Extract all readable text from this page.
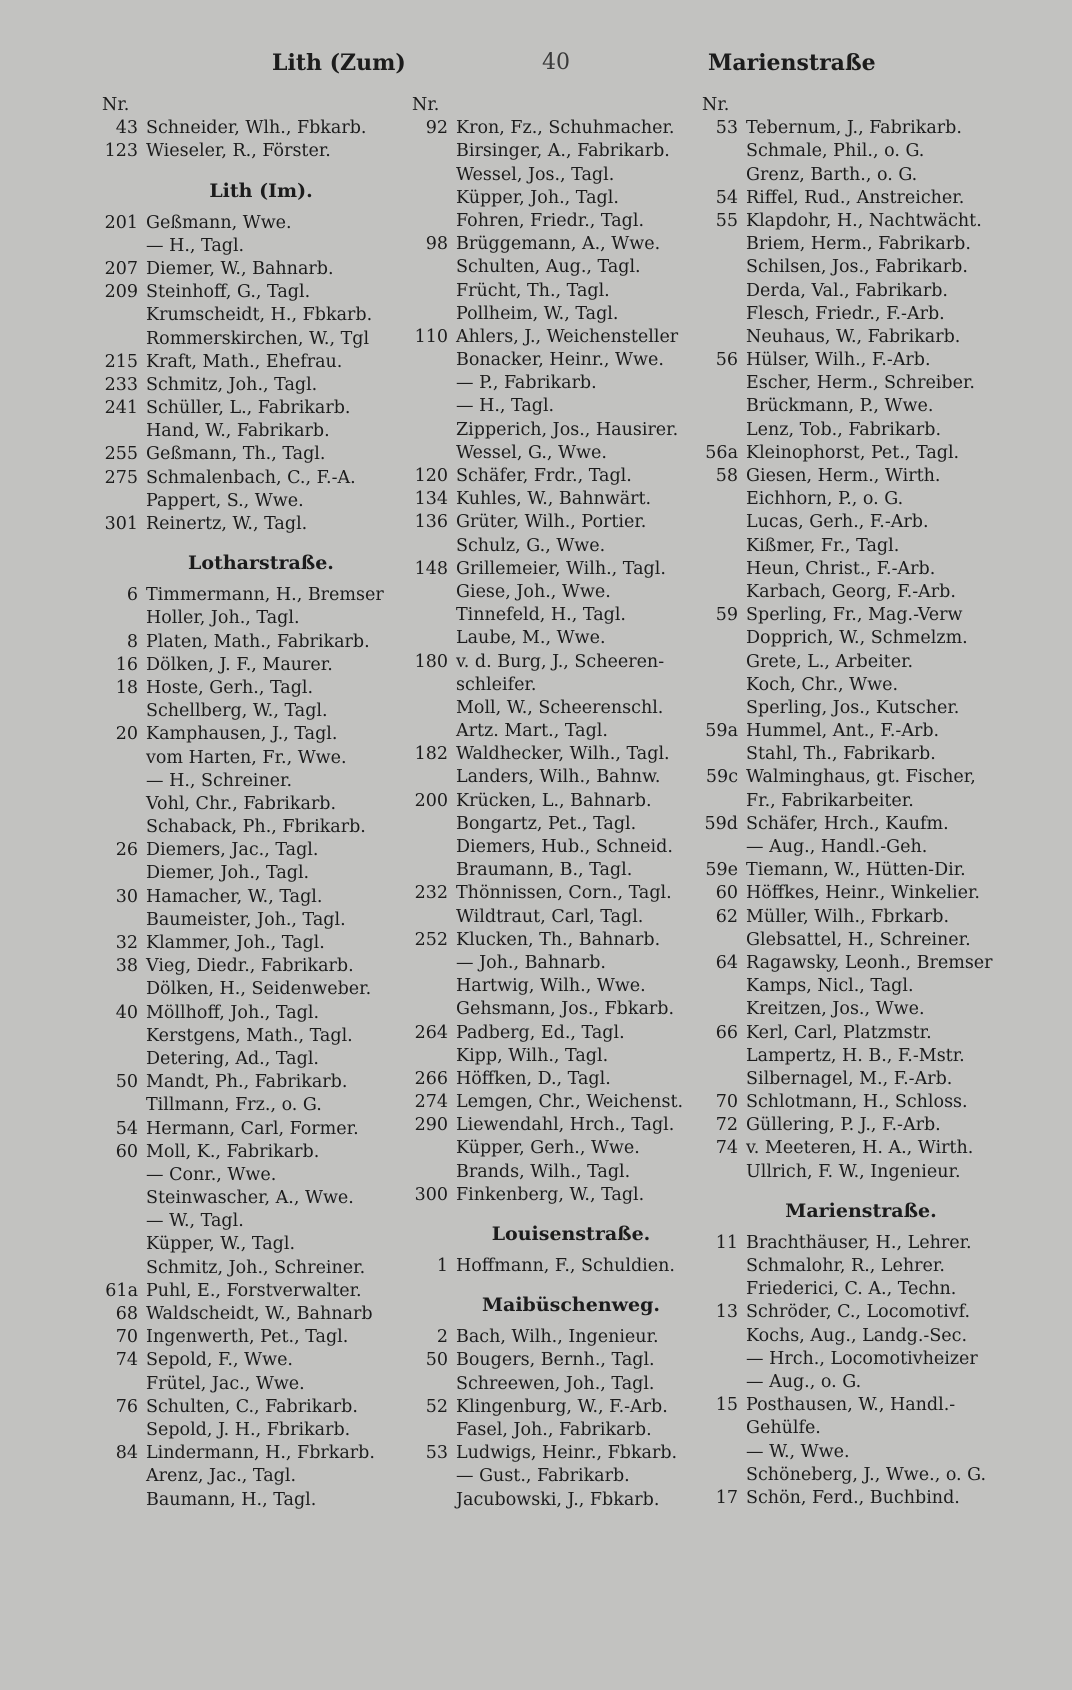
Lith (Zum)	40	Marienstraße
Nr.
43 Schneider, Wlh., Fbkarb.
123 Wieseler, R., Förster.
Lith (Im).
201 Geßmann, Wwe.
— H., Tagl.
207 Diemer, W., Bahnarb.
209 Steinhoff, G., Tagl.
Krumscheidt, H., Fbkarb.
Rommerskirchen, W., Tgl
215 Kraft, Math., Ehefrau.
233 Schmitz, Joh., Tagl.
241 Schüller, L., Fabrikarb.
Hand, W., Fabrikarb.
255 Geßmann, Th., Tagl.
275 Schmalenbach, C., F.-A.
Pappert, S., Wwe.
301 Reinertz, W., Tagl.
Lotharstraße.
6 Timmermann, H., Bremser
Holler, Joh., Tagl.
8 Platen, Math., Fabrikarb.
16 Dölken, J. F., Maurer.
18 Hoste, Gerh., Tagl.
Schellberg, W., Tagl.
20 Kamphausen, J., Tagl.
vom Harten, Fr., Wwe.
— H., Schreiner.
Vohl, Chr., Fabrikarb.
Schaback, Ph., Fbrikarb.
26 Diemers, Jac., Tagl.
Diemer, Joh., Tagl.
30 Hamacher, W., Tagl.
Baumeister, Joh., Tagl.
32 Klammer, Joh., Tagl.
38 Vieg, Diedr., Fabrikarb.
Dölken, H., Seidenweber.
40 Möllhoff, Joh., Tagl.
Kerstgens, Math., Tagl.
Detering, Ad., Tagl.
50 Mandt, Ph., Fabrikarb.
Tillmann, Frz., o. G.
54 Hermann, Carl, Former.
60 Moll, K., Fabrikarb.
— Conr., Wwe.
Steinwascher, A., Wwe.
— W., Tagl.
Küpper, W., Tagl.
Schmitz, Joh., Schreiner.
61a Puhl, E., Forstverwalter.
68 Waldscheidt, W., Bahnarb
70 Ingenwerth, Pet., Tagl.
74 Sepold, F., Wwe.
Frütel, Jac., Wwe.
76 Schulten, C., Fabrikarb.
Sepold, J. H., Fbrikarb.
84 Lindermann, H., Fbrkarb.
Arenz, Jac., Tagl.
Baumann, H., Tagl.
Nr.
92 Kron, Fz., Schuhmacher.
Birsinger, A., Fabrikarb.
Wessel, Jos., Tagl.
Küpper, Joh., Tagl.
Fohren, Friedr., Tagl.
98 Brüggemann, A., Wwe.
Schulten, Aug., Tagl.
Frücht, Th., Tagl.
Pollheim, W., Tagl.
110 Ahlers, J., Weichensteller
Bonacker, Heinr., Wwe.
— P., Fabrikarb.
— H., Tagl.
Zipperich, Jos., Hausirer.
Wessel, G., Wwe.
120 Schäfer, Frdr., Tagl.
134 Kuhles, W., Bahnwärt.
136 Grüter, Wilh., Portier.
Schulz, G., Wwe.
148 Grillemeier, Wilh., Tagl.
Giese, Joh., Wwe.
Tinnefeld, H., Tagl.
Laube, M., Wwe.
180 v. d. Burg, J., Scheeren-
schleifer.
Moll, W., Scheerenschl.
Artz. Mart., Tagl.
182 Waldhecker, Wilh., Tagl.
Landers, Wilh., Bahnw.
200 Krücken, L., Bahnarb.
Bongartz, Pet., Tagl.
Diemers, Hub., Schneid.
Braumann, B., Tagl.
232 Thönnissen, Corn., Tagl.
Wildtraut, Carl, Tagl.
252 Klucken, Th., Bahnarb.
— Joh., Bahnarb.
Hartwig, Wilh., Wwe.
Gehsmann, Jos., Fbkarb.
264 Padberg, Ed., Tagl.
Kipp, Wilh., Tagl.
266 Höffken, D., Tagl.
274 Lemgen, Chr., Weichenst.
290 Liewendahl, Hrch., Tagl.
Küpper, Gerh., Wwe.
Brands, Wilh., Tagl.
300 Finkenberg, W., Tagl.
Louisenstraße.
1 Hoffmann, F., Schuldien.
Maibüschenweg.
2 Bach, Wilh., Ingenieur.
50 Bougers, Bernh., Tagl.
Schreewen, Joh., Tagl.
52 Klingenburg, W., F.-Arb.
Fasel, Joh., Fabrikarb.
53 Ludwigs, Heinr., Fbkarb.
— Gust., Fabrikarb.
Jacubowski, J., Fbkarb.
Nr.
53 Tebernum, J., Fabrikarb.
Schmale, Phil., o. G.
Grenz, Barth., o. G.
54 Riffel, Rud., Anstreicher.
55 Klapdohr, H., Nachtwächt.
Briem, Herm., Fabrikarb.
Schilsen, Jos., Fabrikarb.
Derda, Val., Fabrikarb.
Flesch, Friedr., F.-Arb.
Neuhaus, W., Fabrikarb.
56 Hülser, Wilh., F.-Arb.
Escher, Herm., Schreiber.
Brückmann, P., Wwe.
Lenz, Tob., Fabrikarb.
56a Kleinophorst, Pet., Tagl.
58 Giesen, Herm., Wirth.
Eichhorn, P., o. G.
Lucas, Gerh., F.-Arb.
Kißmer, Fr., Tagl.
Heun, Christ., F.-Arb.
Karbach, Georg, F.-Arb.
59 Sperling, Fr., Mag.-Verw
Dopprich, W., Schmelzm.
Grete, L., Arbeiter.
Koch, Chr., Wwe.
Sperling, Jos., Kutscher.
59a Hummel, Ant., F.-Arb.
Stahl, Th., Fabrikarb.
59c Walminghaus, gt. Fischer,
Fr., Fabrikarbeiter.
59d Schäfer, Hrch., Kaufm.
— Aug., Handl.-Geh.
59e Tiemann, W., Hütten-Dir.
60 Höffkes, Heinr., Winkelier.
62 Müller, Wilh., Fbrkarb.
Glebsattel, H., Schreiner.
64 Ragawsky, Leonh., Bremser
Kamps, Nicl., Tagl.
Kreitzen, Jos., Wwe.
66 Kerl, Carl, Platzmstr.
Lampertz, H. B., F.-Mstr.
Silbernagel, M., F.-Arb.
70 Schlotmann, H., Schloss.
72 Güllering, P. J., F.-Arb.
74 v. Meeteren, H. A., Wirth.
Ullrich, F. W., Ingenieur.
Marienstraße.
11 Brachthäuser, H., Lehrer.
Schmalohr, R., Lehrer.
Friederici, C. A., Techn.
13 Schröder, C., Locomotivf.
Kochs, Aug., Landg.-Sec.
— Hrch., Locomotivheizer
— Aug., o. G.
15 Posthausen, W., Handl.-
Gehülfe.
— W., Wwe.
Schöneberg, J., Wwe., o. G.
17 Schön, Ferd., Buchbind.
